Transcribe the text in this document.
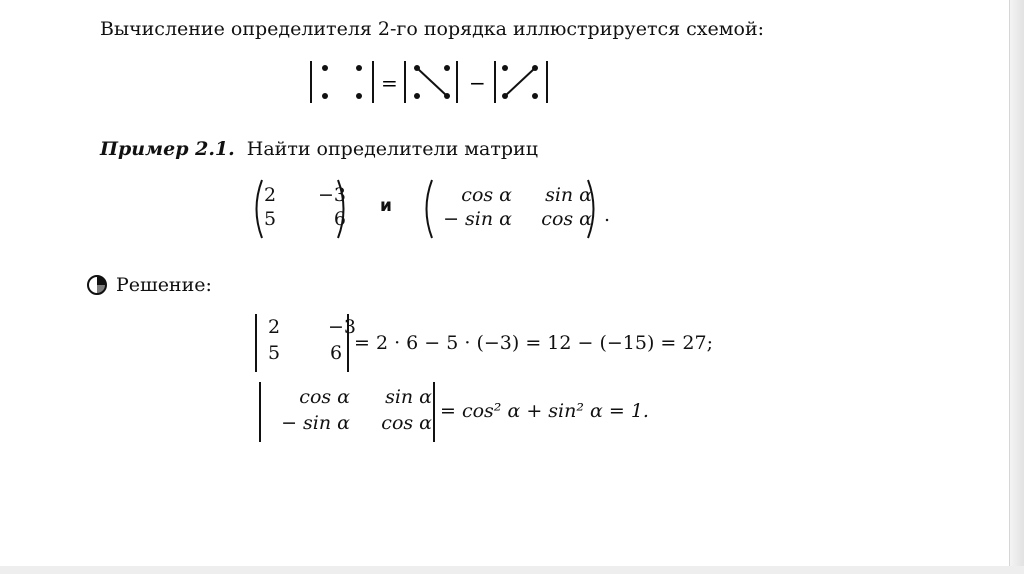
Вычисление определителя 2-го порядка иллюстрируется схемой:
=	−
Пример 2.1. Найти определители матриц
2	−3
5	6
и	cos α	sin α
− sin α	cos α .
Решение:
2	−3
5	6 = 2 · 6 − 5 · (−3) = 12 − (−15) = 27;
cos α	sin α
− sin α	cos α
= cos² α + sin² α = 1.
